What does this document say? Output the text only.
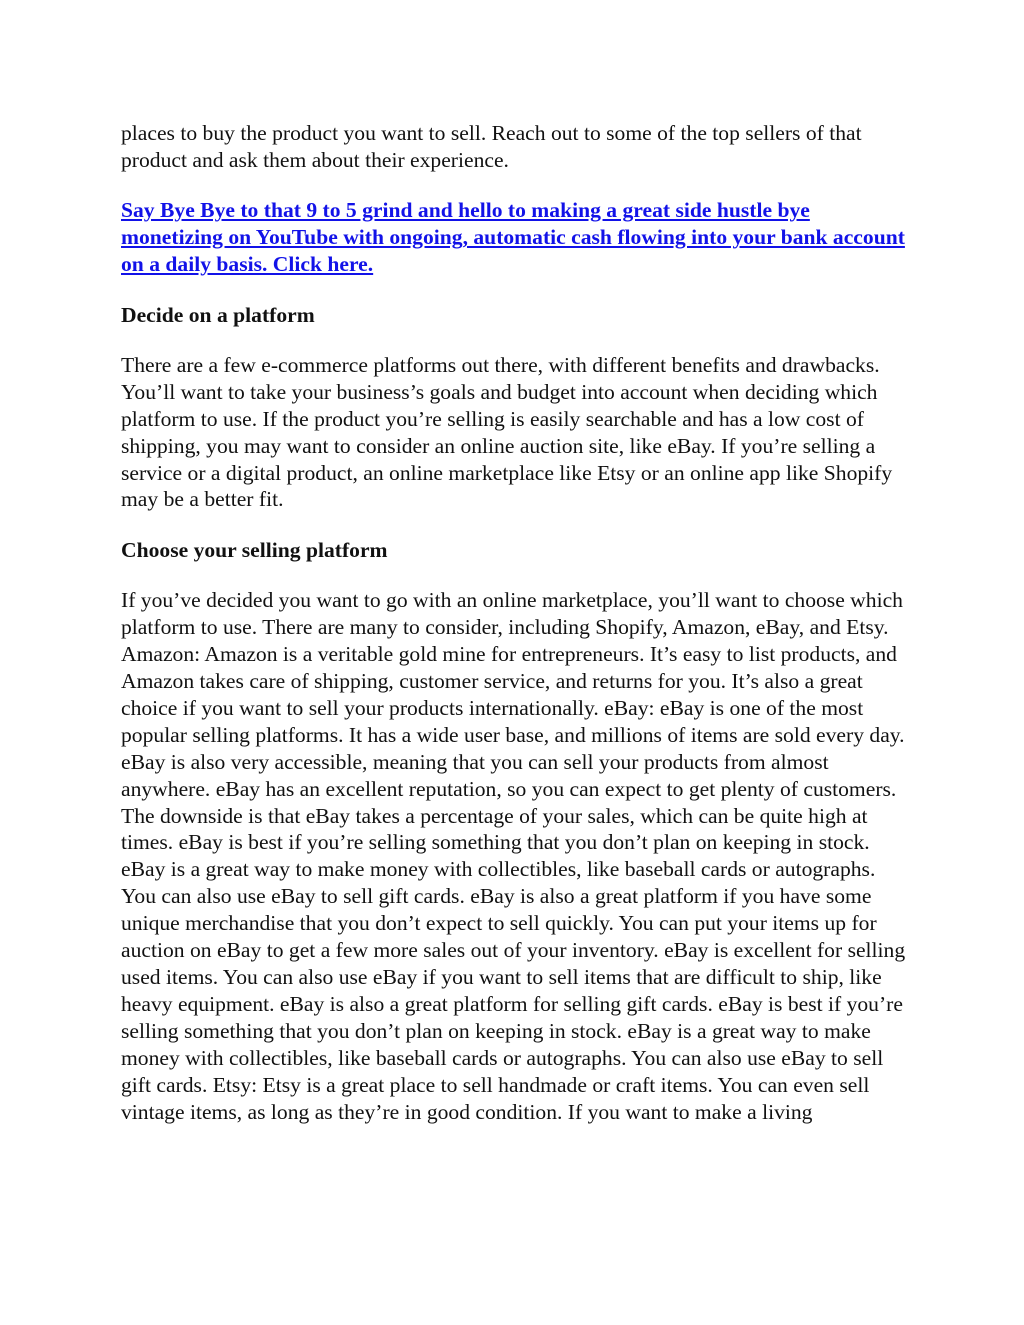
places to buy the product you want to sell. Reach out to some of the top sellers of that product and ask them about their experience.

Say Bye Bye to that 9 to 5 grind and hello to making a great side hustle bye monetizing on YouTube with ongoing, automatic cash flowing into your bank account on a daily basis. Click here.
Decide on a platform

There are a few e-commerce platforms out there, with different benefits and drawbacks. You’ll want to take your business’s goals and budget into account when deciding which platform to use. If the product you’re selling is easily searchable and has a low cost of shipping, you may want to consider an online auction site, like eBay. If you’re selling a service or a digital product, an online marketplace like Etsy or an online app like Shopify may be a better fit.

Choose your selling platform

If you’ve decided you want to go with an online marketplace, you’ll want to choose which platform to use. There are many to consider, including Shopify, Amazon, eBay, and Etsy. Amazon: Amazon is a veritable gold mine for entrepreneurs. It’s easy to list products, and Amazon takes care of shipping, customer service, and returns for you. It’s also a great choice if you want to sell your products internationally. eBay: eBay is one of the most popular selling platforms. It has a wide user base, and millions of items are sold every day. eBay is also very accessible, meaning that you can sell your products from almost anywhere. eBay has an excellent reputation, so you can expect to get plenty of customers. The downside is that eBay takes a percentage of your sales, which can be quite high at times. eBay is best if you’re selling something that you don’t plan on keeping in stock. eBay is a great way to make money with collectibles, like baseball cards or autographs. You can also use eBay to sell gift cards. eBay is also a great platform if you have some unique merchandise that you don’t expect to sell quickly. You can put your items up for auction on eBay to get a few more sales out of your inventory. eBay is excellent for selling used items. You can also use eBay if you want to sell items that are difficult to ship, like heavy equipment. eBay is also a great platform for selling gift cards. eBay is best if you’re selling something that you don’t plan on keeping in stock. eBay is a great way to make money with collectibles, like baseball cards or autographs. You can also use eBay to sell gift cards. Etsy: Etsy is a great place to sell handmade or craft items. You can even sell vintage items, as long as they’re in good condition. If you want to make a living
